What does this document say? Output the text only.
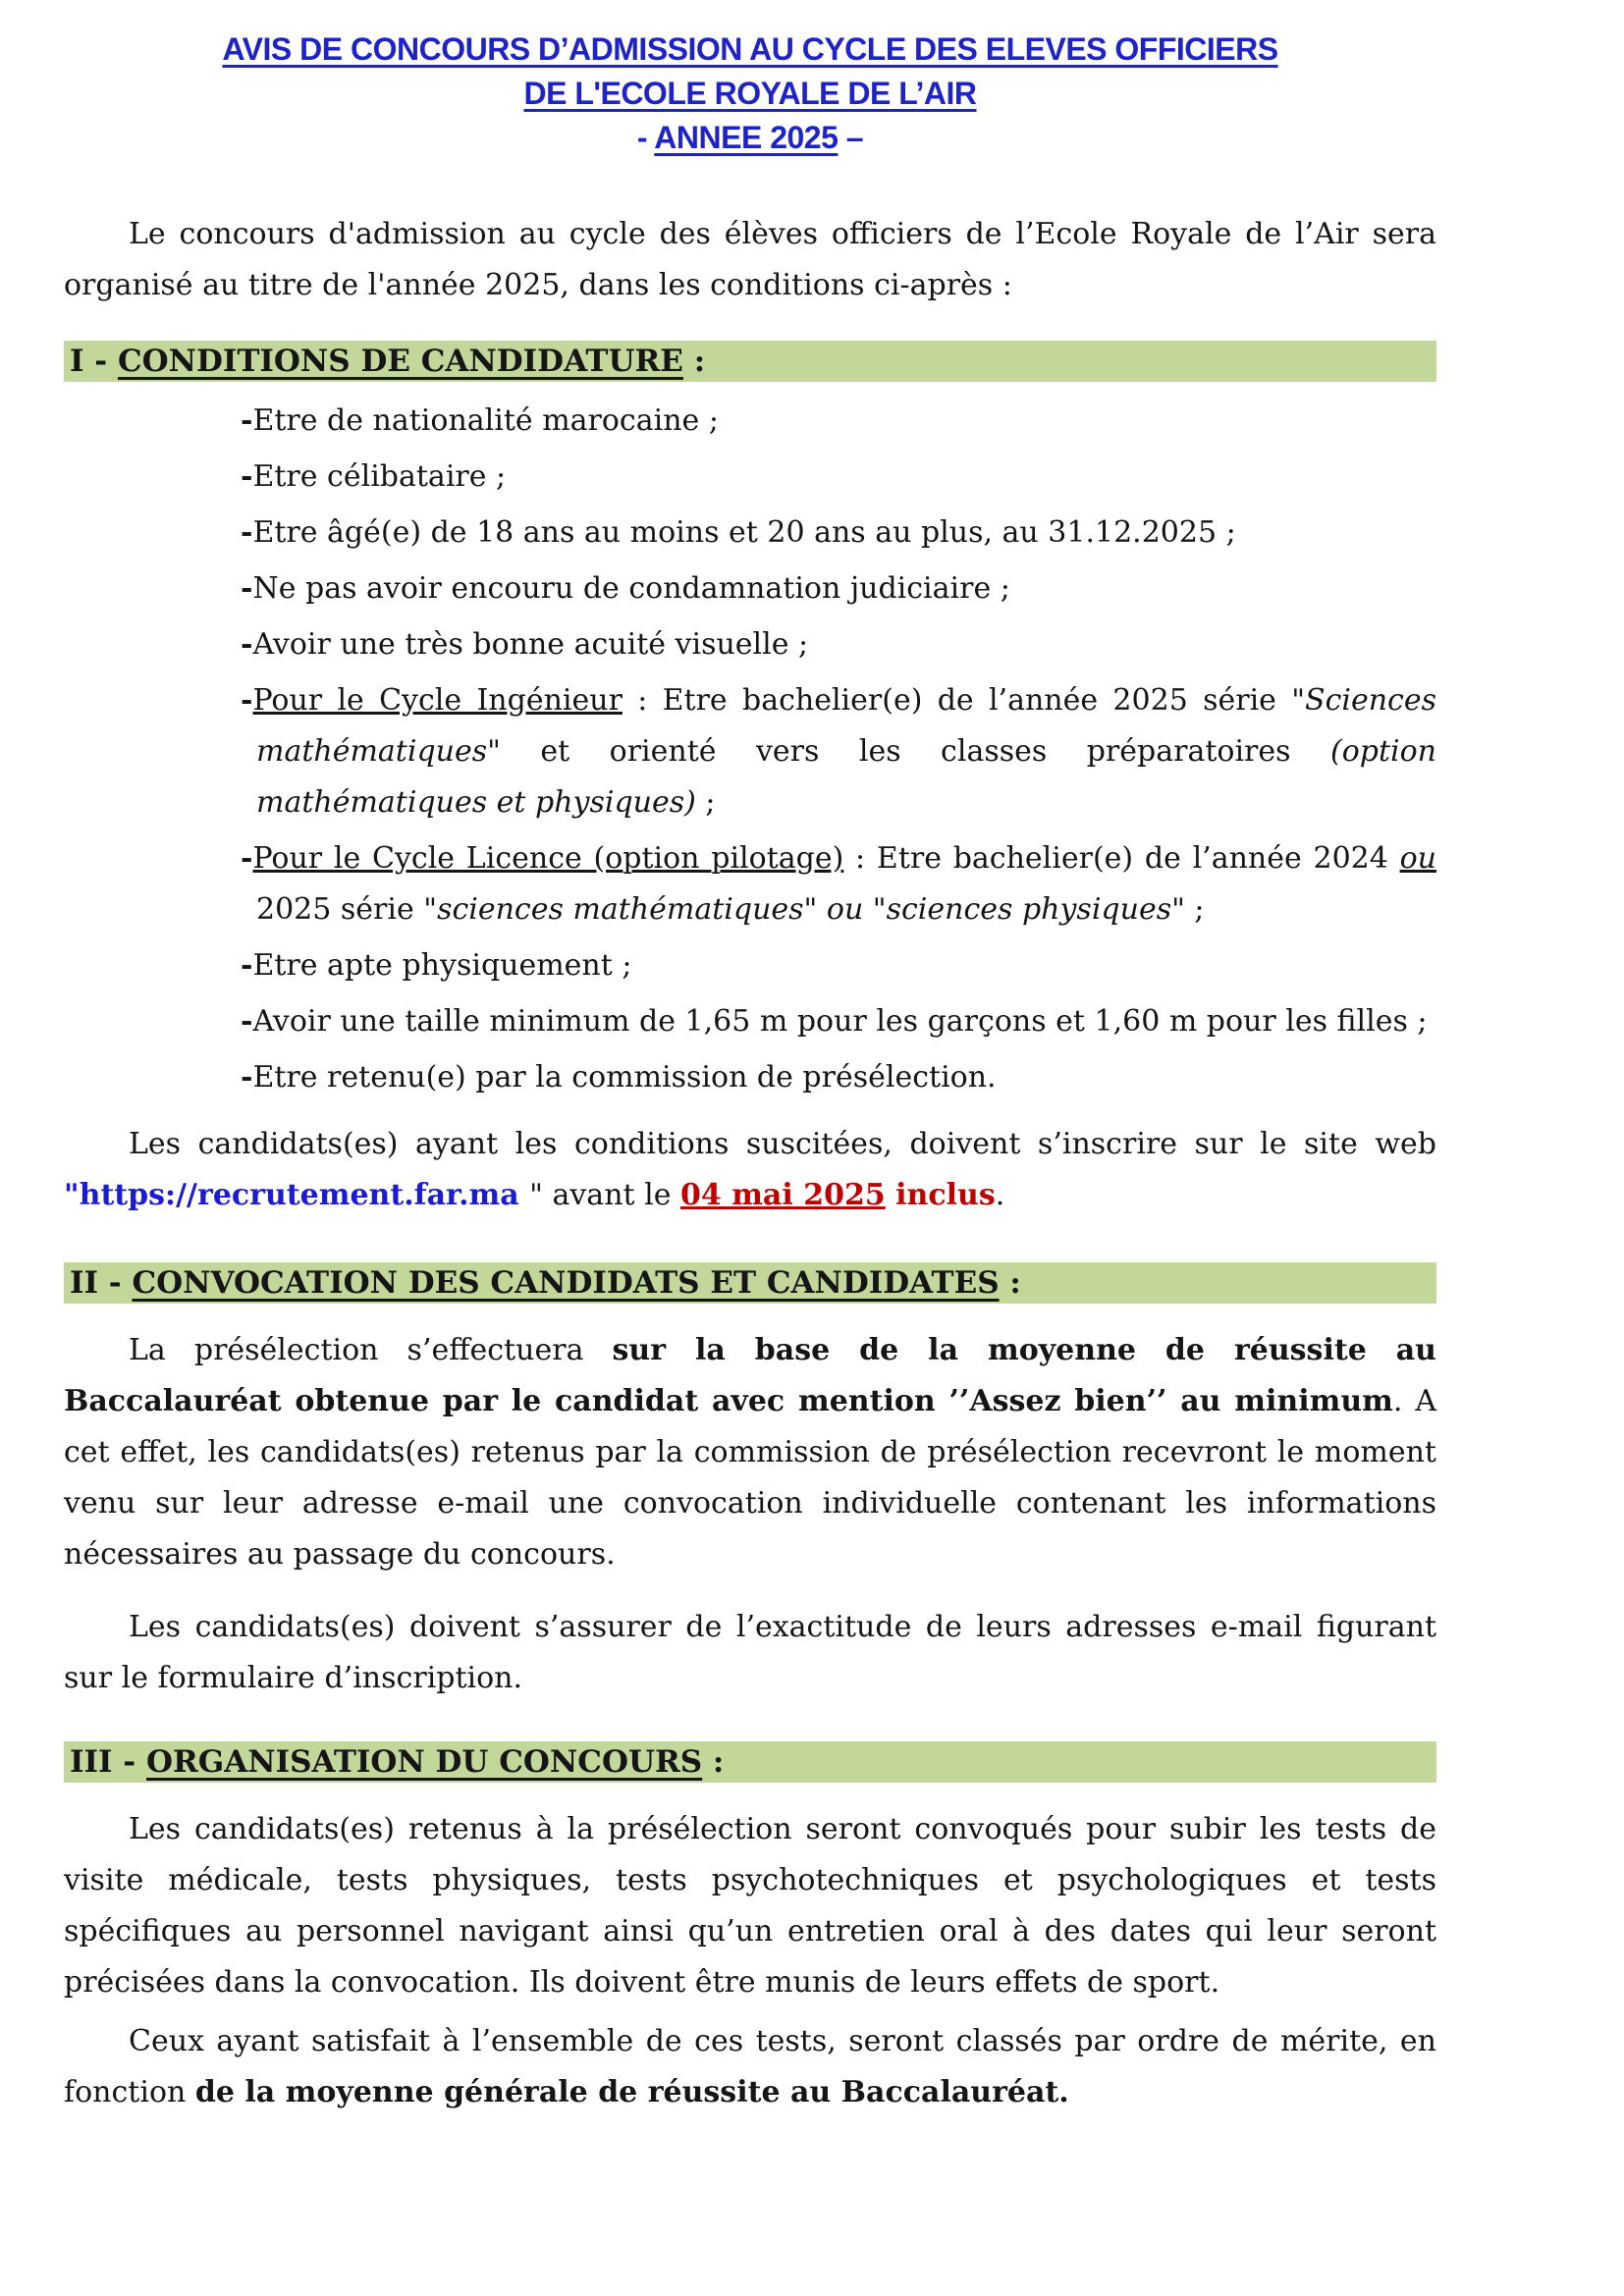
AVIS DE CONCOURS D’ADMISSION AU CYCLE DES ELEVES OFFICIERS
DE L'ECOLE ROYALE DE L’AIR
- ANNEE 2025 –

Le concours d'admission au cycle des élèves officiers de l’Ecole Royale de l’Air sera organisé au titre de l'année 2025, dans les conditions ci-après :

I - CONDITIONS DE CANDIDATURE :
-Etre de nationalité marocaine ;
-Etre célibataire ;
-Etre âgé(e) de 18 ans au moins et 20 ans au plus, au 31.12.2025 ;
-Ne pas avoir encouru de condamnation judiciaire ;
-Avoir une très bonne acuité visuelle ;
-Pour le Cycle Ingénieur : Etre bachelier(e) de l’année 2025 série "Sciences mathématiques" et orienté vers les classes préparatoires (option mathématiques et physiques) ;
-Pour le Cycle Licence (option pilotage) : Etre bachelier(e) de l’année 2024 ou 2025 série "sciences mathématiques" ou "sciences physiques" ;
-Etre apte physiquement ;
-Avoir une taille minimum de 1,65 m pour les garçons et 1,60 m pour les filles ;
-Etre retenu(e) par la commission de présélection.

Les candidats(es) ayant les conditions suscitées, doivent s’inscrire sur le site web "https://recrutement.far.ma " avant le 04 mai 2025 inclus.

II - CONVOCATION DES CANDIDATS ET CANDIDATES :

La présélection s’effectuera sur la base de la moyenne de réussite au Baccalauréat obtenue par le candidat avec mention ’’Assez bien’’ au minimum. A cet effet, les candidats(es) retenus par la commission de présélection recevront le moment venu sur leur adresse e-mail une convocation individuelle contenant les informations nécessaires au passage du concours.

Les candidats(es) doivent s’assurer de l’exactitude de leurs adresses e-mail figurant sur le formulaire d’inscription.

III - ORGANISATION DU CONCOURS :

Les candidats(es) retenus à la présélection seront convoqués pour subir les tests de visite médicale, tests physiques, tests psychotechniques et psychologiques et tests spécifiques au personnel navigant ainsi qu’un entretien oral à des dates qui leur seront précisées dans la convocation. Ils doivent être munis de leurs effets de sport.

Ceux ayant satisfait à l’ensemble de ces tests, seront classés par ordre de mérite, en fonction de la moyenne générale de réussite au Baccalauréat.
